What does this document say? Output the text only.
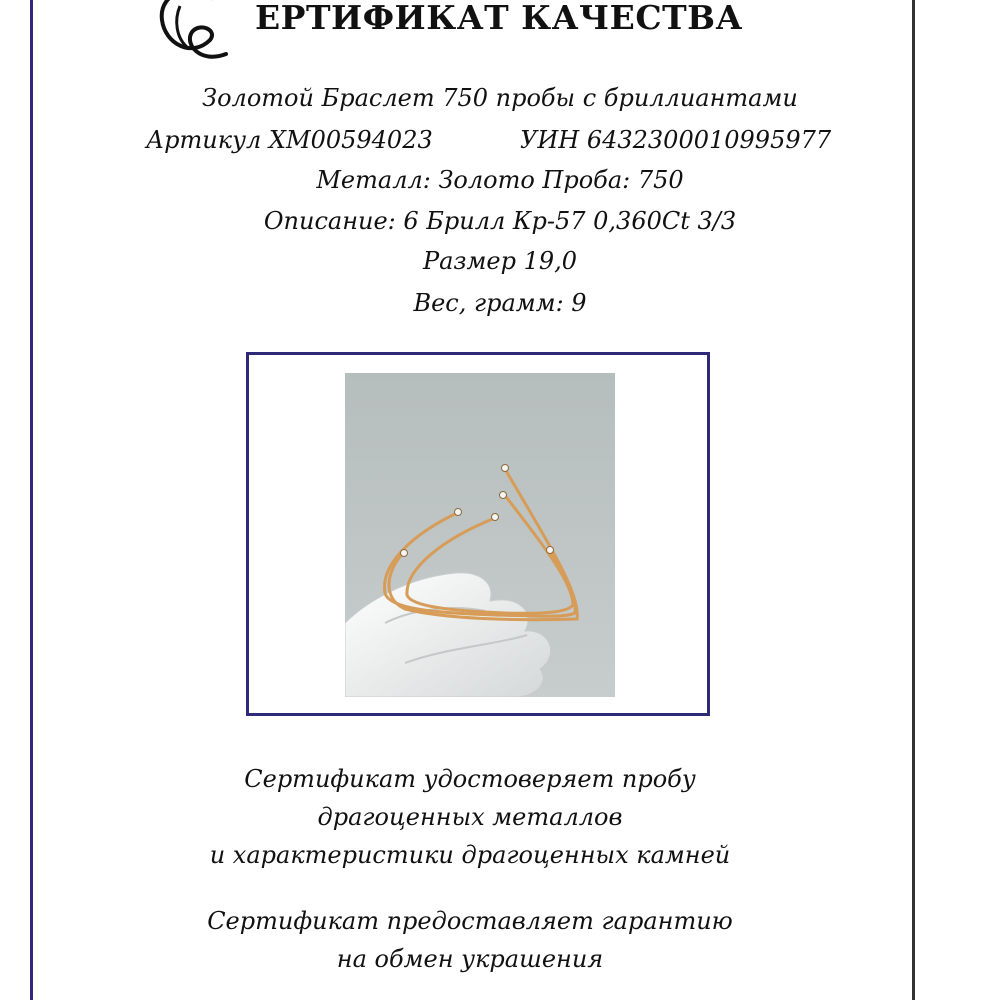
ЕРТИФИКАТ КАЧЕСТВА
Золотой Браслет 750 пробы с бриллиантами
Артикул ХМ00594023	УИН 6432300010995977
Металл: Золото Проба: 750
Описание: 6 Брилл Кр-57 0,360Ct 3/3
Размер 19,0
Вес, грамм: 9
Сертификат удостоверяет пробу
драгоценных металлов
и характеристики драгоценных камней
Сертификат предоставляет гарантию
на обмен украшения
